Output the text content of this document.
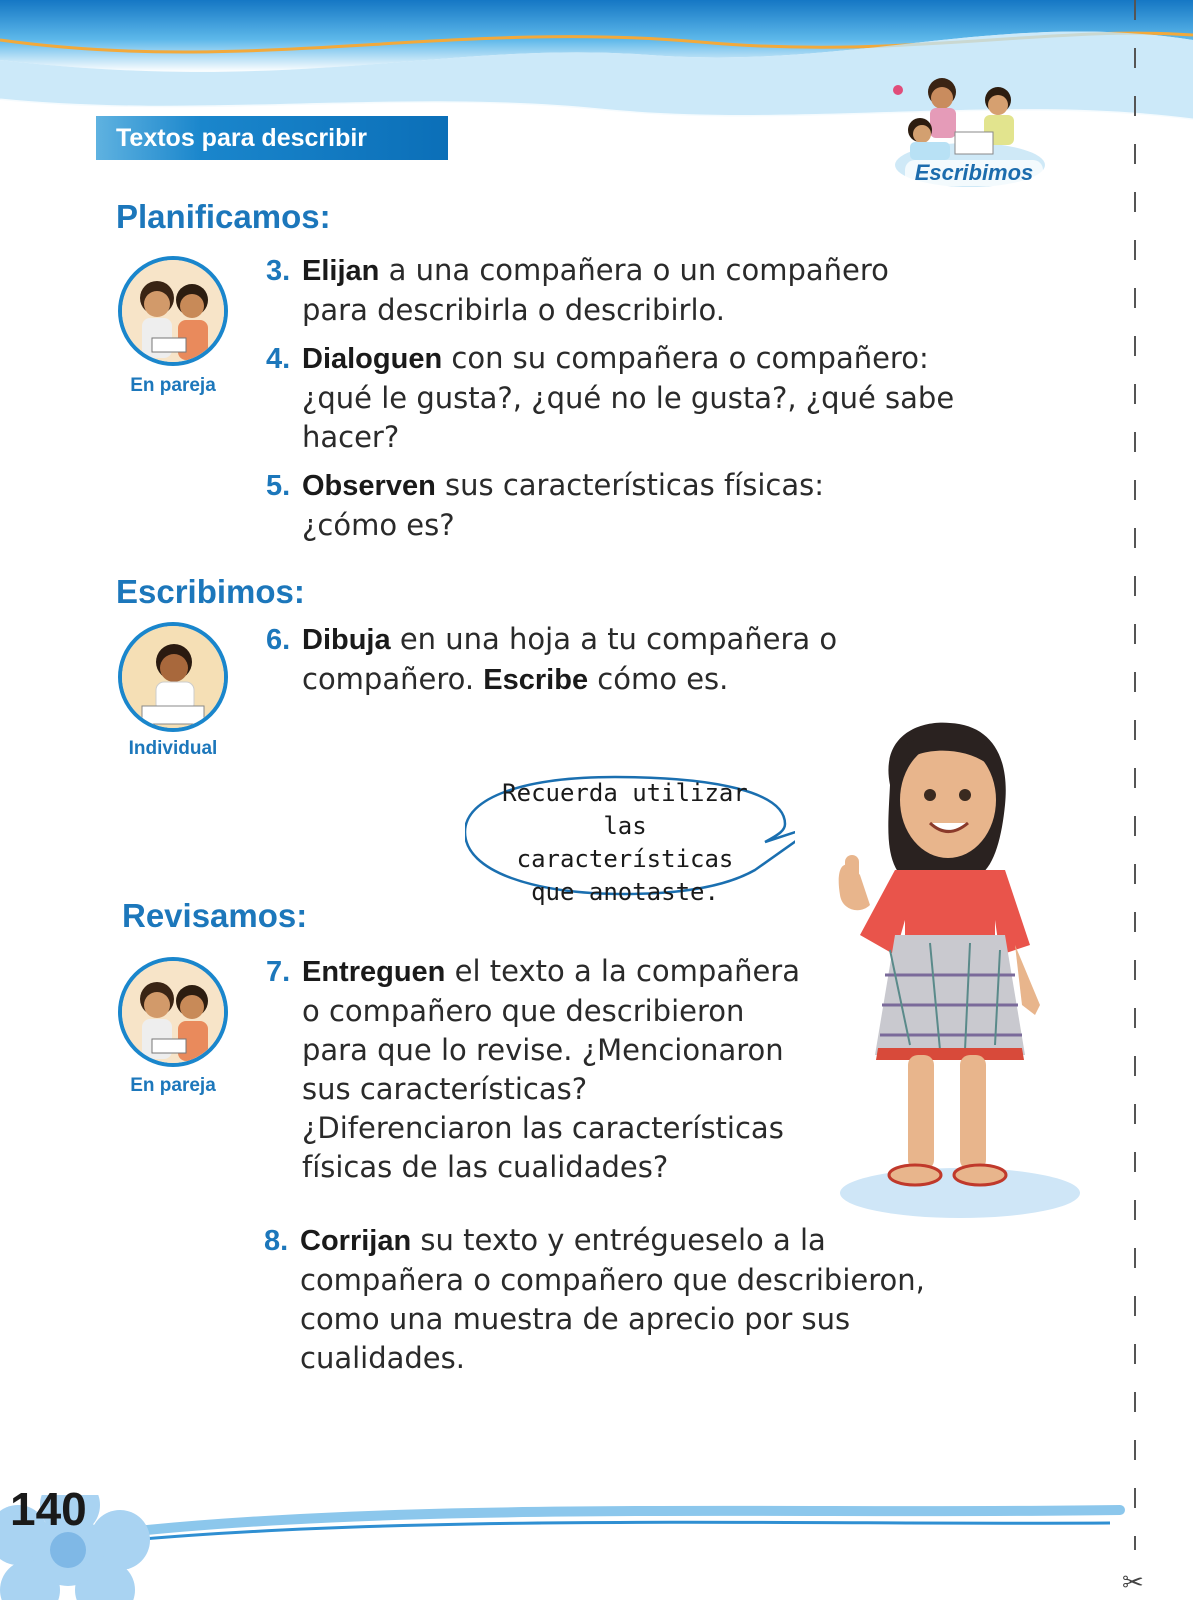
Textos para describir
Escribimos
✂
Planificamos:
En pareja
3. Elijan a una compañera o un compañero
para describirla o describirlo.
4. Dialoguen con su compañera o compañero:
¿qué le gusta?, ¿qué no le gusta?, ¿qué sabe
hacer?
5. Observen sus características físicas:
¿cómo es?
Escribimos:
Individual
6. Dibuja en una hoja a tu compañera o
compañero. Escribe cómo es.
Recuerda utilizar
las características
que anotaste.
Revisamos:
En pareja
7. Entreguen el texto a la compañera
o compañero que describieron
para que lo revise. ¿Mencionaron
sus características?
¿Diferenciaron las características
físicas de las cualidades?
8. Corrijan su texto y entrégueselo a la
compañera o compañero que describieron,
como una muestra de aprecio por sus
cualidades.
140
